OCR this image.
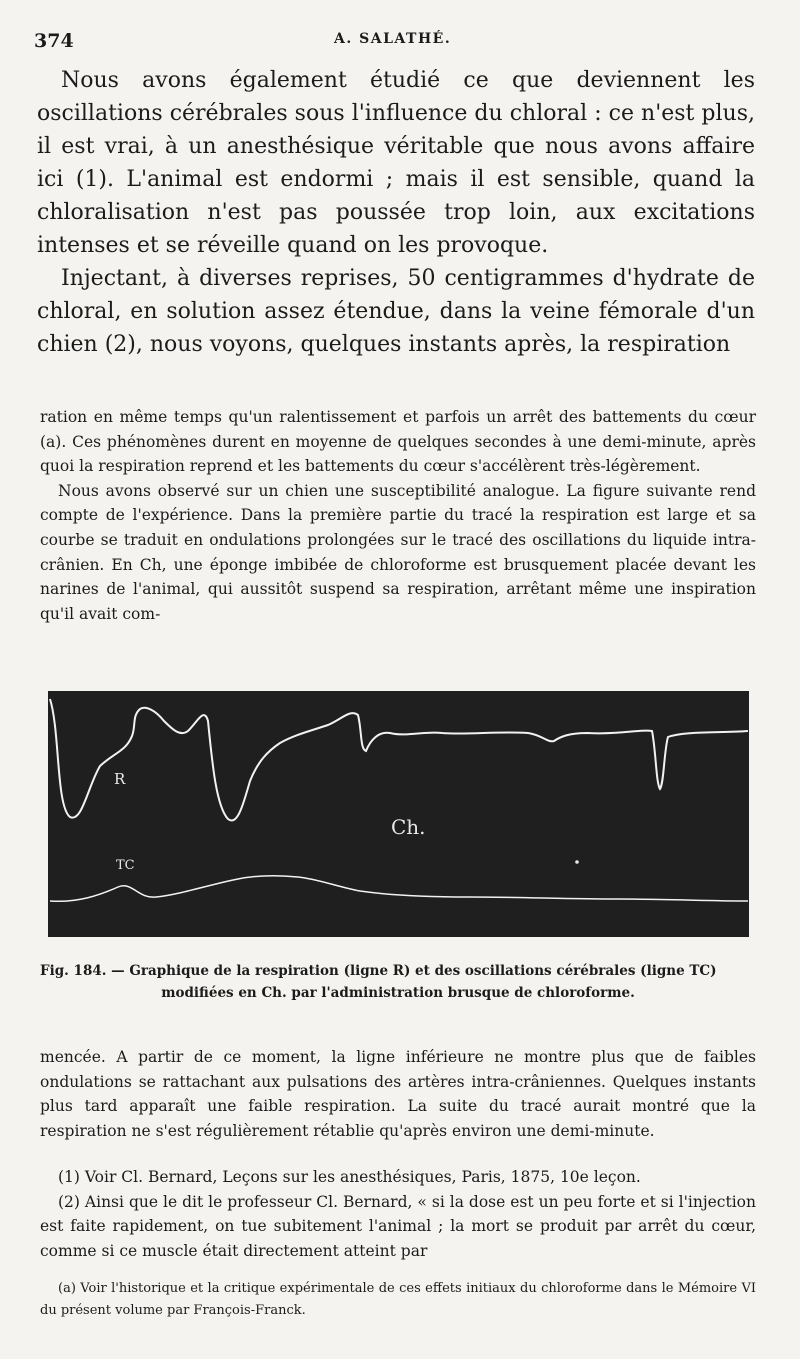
374	A. SALATHÉ.

Nous avons également étudié ce que deviennent les oscillations cérébrales sous l'influence du chloral : ce n'est plus, il est vrai, à un anesthésique véritable que nous avons affaire ici (1). L'animal est endormi ; mais il est sensible, quand la chloralisation n'est pas poussée trop loin, aux excitations intenses et se réveille quand on les provoque.

Injectant, à diverses reprises, 50 centigrammes d'hydrate de chloral, en solution assez étendue, dans la veine fémorale d'un chien (2), nous voyons, quelques instants après, la respiration

ration en même temps qu'un ralentissement et parfois un arrêt des battements du cœur (a). Ces phénomènes durent en moyenne de quelques secondes à une demi-minute, après quoi la respiration reprend et les battements du cœur s'accélèrent très-légèrement.

Nous avons observé sur un chien une susceptibilité analogue. La figure suivante rend compte de l'expérience. Dans la première partie du tracé la respiration est large et sa courbe se traduit en ondulations prolongées sur le tracé des oscillations du liquide intra-crânien. En Ch, une éponge imbibée de chloroforme est brusquement placée devant les narines de l'animal, qui aussitôt suspend sa respiration, arrêtant même une inspiration qu'il avait com-

R
Ch.
TC
Fig. 184. — Graphique de la respiration (ligne R) et des oscillations cérébrales (ligne TC)
modifiées en Ch. par l'administration brusque de chloroforme.

mencée. A partir de ce moment, la ligne inférieure ne montre plus que de faibles ondulations se rattachant aux pulsations des artères intra-crâniennes. Quelques instants plus tard apparaît une faible respiration. La suite du tracé aurait montré que la respiration ne s'est régulièrement rétablie qu'après environ une demi-minute.

(1) Voir Cl. Bernard, Leçons sur les anesthésiques, Paris, 1875, 10e leçon.

(2) Ainsi que le dit le professeur Cl. Bernard, « si la dose est un peu forte et si l'injection est faite rapidement, on tue subitement l'animal ; la mort se produit par arrêt du cœur, comme si ce muscle était directement atteint par

(a) Voir l'historique et la critique expérimentale de ces effets initiaux du chloroforme dans le Mémoire VI du présent volume par François-Franck.
